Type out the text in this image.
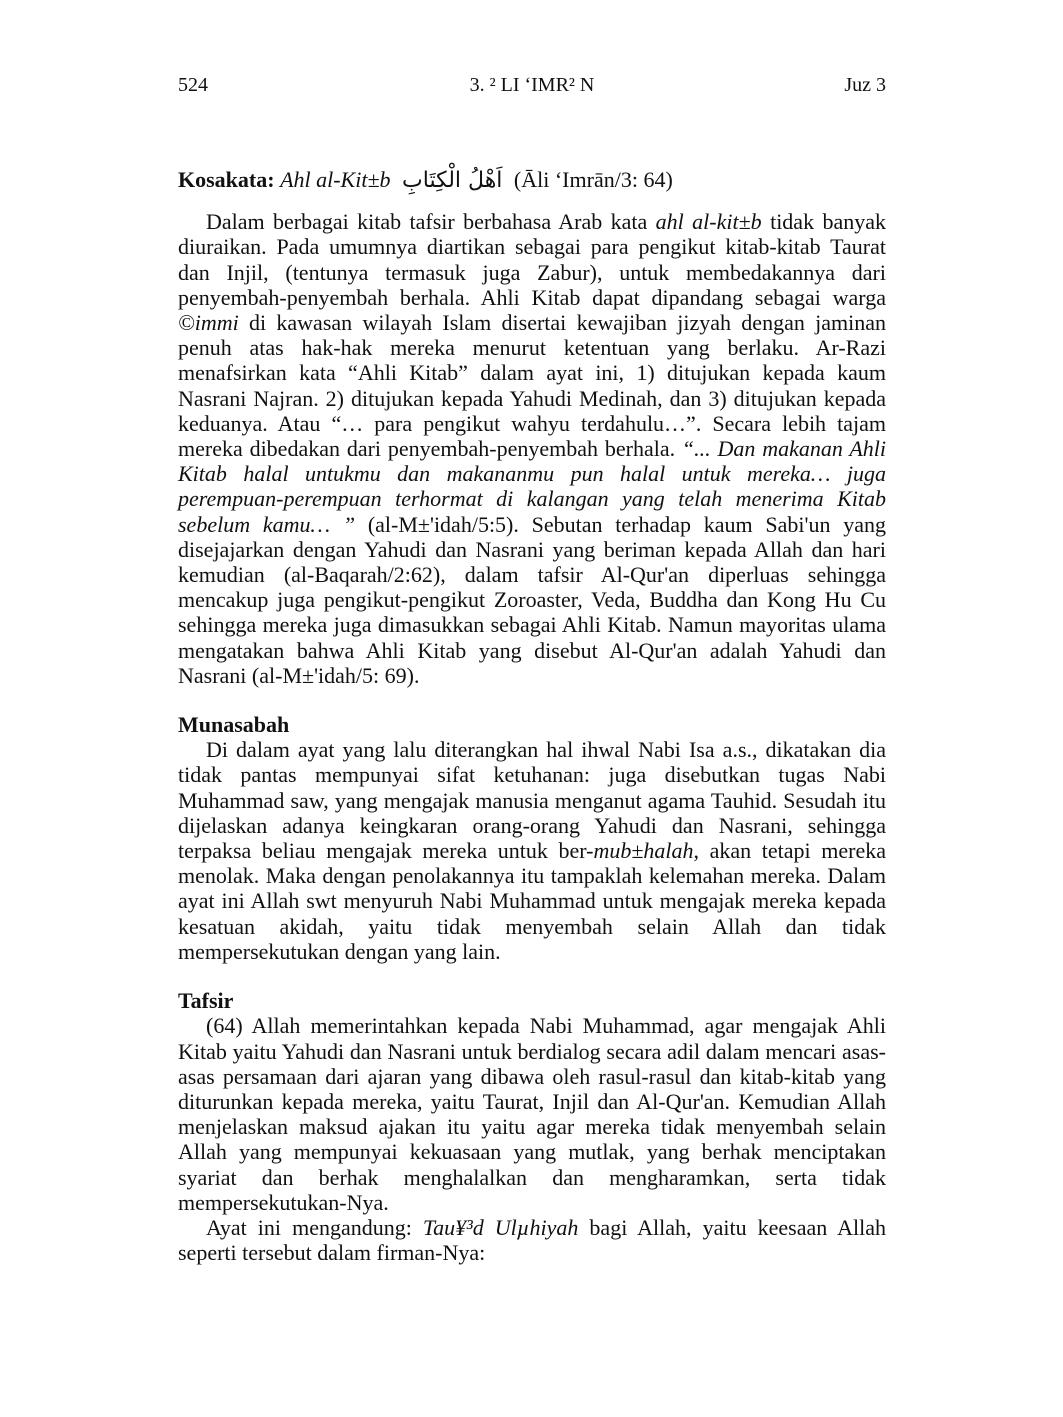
524	3. ² LI ‘IMR² N	Juz 3
Kosakata: Ahl al-Kit±b اَهْلُ الْكِتَابِ (Āli ‘Imrān/3: 64)

Dalam berbagai kitab tafsir berbahasa Arab kata ahl al-kit±b tidak banyak diuraikan. Pada umumnya diartikan sebagai para pengikut kitab-kitab Taurat dan Injil, (tentunya termasuk juga Zabur), untuk membedakannya dari penyembah-penyembah berhala. Ahli Kitab dapat dipandang sebagai warga ©immi di kawasan wilayah Islam disertai kewajiban jizyah dengan jaminan penuh atas hak-hak mereka menurut ketentuan yang berlaku. Ar-Razi menafsirkan kata “Ahli Kitab” dalam ayat ini, 1) ditujukan kepada kaum Nasrani Najran. 2) ditujukan kepada Yahudi Medinah, dan 3) ditujukan kepada keduanya. Atau “… para pengikut wahyu terdahulu…”. Secara lebih tajam mereka dibedakan dari penyembah-penyembah berhala. “... Dan makanan Ahli Kitab halal untukmu dan makananmu pun halal untuk mereka… juga perempuan-perempuan terhormat di kalangan yang telah menerima Kitab sebelum kamu… ” (al-M±'idah/5:5). Sebutan terhadap kaum Sabi'un yang disejajarkan dengan Yahudi dan Nasrani yang beriman kepada Allah dan hari kemudian (al-Baqarah/2:62), dalam tafsir Al-Qur'an diperluas sehingga mencakup juga pengikut-pengikut Zoroaster, Veda, Buddha dan Kong Hu Cu sehingga mereka juga dimasukkan sebagai Ahli Kitab. Namun mayoritas ulama mengatakan bahwa Ahli Kitab yang disebut Al-Qur'an adalah Yahudi dan Nasrani (al-M±'idah/5: 69).

Munasabah

Di dalam ayat yang lalu diterangkan hal ihwal Nabi Isa a.s., dikatakan dia tidak pantas mempunyai sifat ketuhanan: juga disebutkan tugas Nabi Muhammad saw, yang mengajak manusia menganut agama Tauhid. Sesudah itu dijelaskan adanya keingkaran orang-orang Yahudi dan Nasrani, sehingga terpaksa beliau mengajak mereka untuk ber-mub±halah, akan tetapi mereka menolak. Maka dengan penolakannya itu tampaklah kelemahan mereka. Dalam ayat ini Allah swt menyuruh Nabi Muhammad untuk mengajak mereka kepada kesatuan akidah, yaitu tidak menyembah selain Allah dan tidak mempersekutukan dengan yang lain.

Tafsir

(64) Allah memerintahkan kepada Nabi Muhammad, agar mengajak Ahli Kitab yaitu Yahudi dan Nasrani untuk berdialog secara adil dalam mencari asas-asas persamaan dari ajaran yang dibawa oleh rasul-rasul dan kitab-kitab yang diturunkan kepada mereka, yaitu Taurat, Injil dan Al-Qur'an. Kemudian Allah menjelaskan maksud ajakan itu yaitu agar mereka tidak menyembah selain Allah yang mempunyai kekuasaan yang mutlak, yang berhak menciptakan syariat dan berhak menghalalkan dan mengharamkan, serta tidak mempersekutukan-Nya.

Ayat ini mengandung: Tau¥³d Ulµhiyah bagi Allah, yaitu keesaan Allah seperti tersebut dalam firman-Nya:
